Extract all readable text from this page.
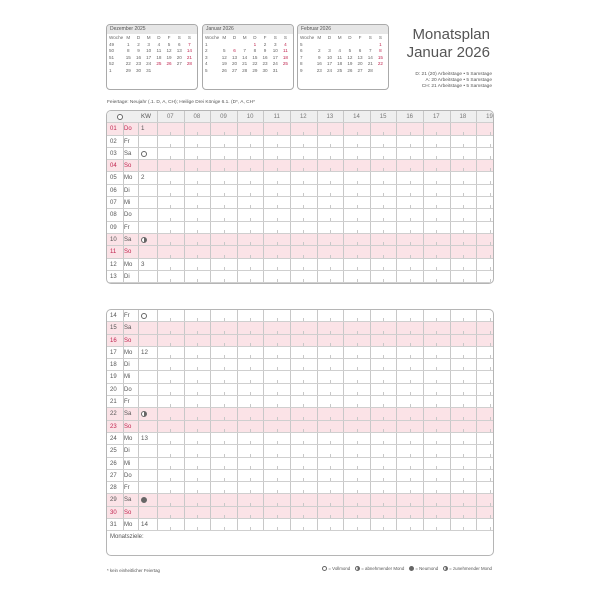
Dezember 2025
Woche	M	D	M	D	F	S	S
49	1	2	3	4	5	6	7
50	8	9	10	11	12	13	14
51	15	16	17	18	19	20	21
52	22	23	24	25	26	27	28
1	29	30	31				
Januar 2026
Woche	M	D	M	D	F	S	S
1				1	2	3	4
2	5	6	7	8	9	10	11
3	12	13	14	15	16	17	18
4	19	20	21	22	23	24	25
5	26	27	28	29	30	31	
Februar 2026
Woche	M	D	M	D	F	S	S
5							1
6	2	3	4	5	6	7	8
7	9	10	11	12	13	14	15
8	16	17	18	19	20	21	22
9	23	24	25	26	27	28	
Monatsplan
Januar 2026
D: 21 (20) Arbeitstage • 5 Samstage
A: 20 Arbeitstage • 5 Samstage
CH: 21 Arbeitstage • 5 Samstage
Feiertage: Neujahr (.1. D, A, CH); Heilige Drei Könige 6.1. (D*, A, CH*
KW	07	08	09	10	11	12	13	14	15	16	17	18	19
01	Do	1
02	Fr
03	Sa
04	So
05	Mo	2
06	Di
07	Mi
08	Do
09	Fr
10	Sa
11	So
12	Mo	3
13	Di
14	Fr
15	Sa
16	So
17	Mo	12
18	Di
19	Mi
20	Do
21	Fr
22	Sa
23	So
24	Mo	13
25	Di
26	Mi
27	Do
28	Fr
29	Sa
30	So
31	Mo	14
Monatsziele:
* kein einheitlicher Feiertag	= Vollmond	= abnehmender Mond	= Neumond	= zunehmender Mond
